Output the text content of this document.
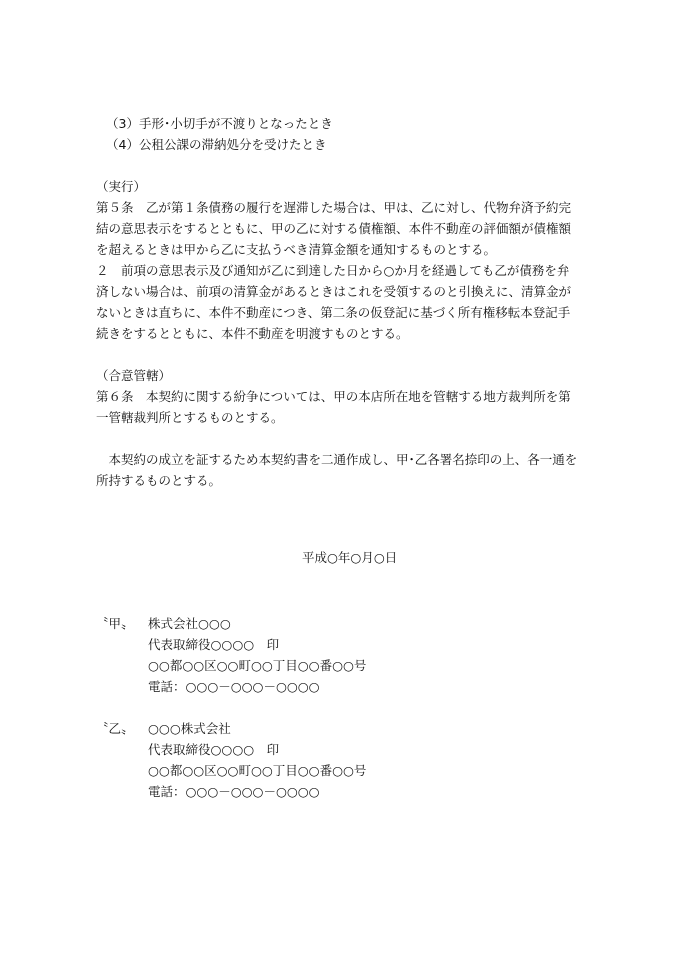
（3）手形･小切手が不渡りとなったとき
（4）公租公課の滞納処分を受けたとき
（実行）
第５条　乙が第１条債務の履行を遅滞した場合は、甲は、乙に対し、代物弁済予約完
結の意思表示をするとともに、甲の乙に対する債権額、本件不動産の評価額が債権額
を超えるときは甲から乙に支払うべき清算金額を通知するものとする。
２　前項の意思表示及び通知が乙に到達した日から○か月を経過しても乙が債務を弁
済しない場合は、前項の清算金があるときはこれを受領するのと引換えに、清算金が
ないときは直ちに、本件不動産につき、第二条の仮登記に基づく所有権移転本登記手
続きをするとともに、本件不動産を明渡すものとする。
（合意管轄）
第６条　本契約に関する紛争については、甲の本店所在地を管轄する地方裁判所を第
一管轄裁判所とするものとする。
　本契約の成立を証するため本契約書を二通作成し、甲･乙各署名捺印の上、各一通を
所持するものとする。
平成○年○月○日
〝甲〟 株式会社○○○
代表取締役○○○○　印
○○都○○区○○町○○丁目○○番○○号
電話：○○○－○○○－○○○○
〝乙〟 ○○○株式会社
代表取締役○○○○　印
○○都○○区○○町○○丁目○○番○○号
電話：○○○－○○○－○○○○
